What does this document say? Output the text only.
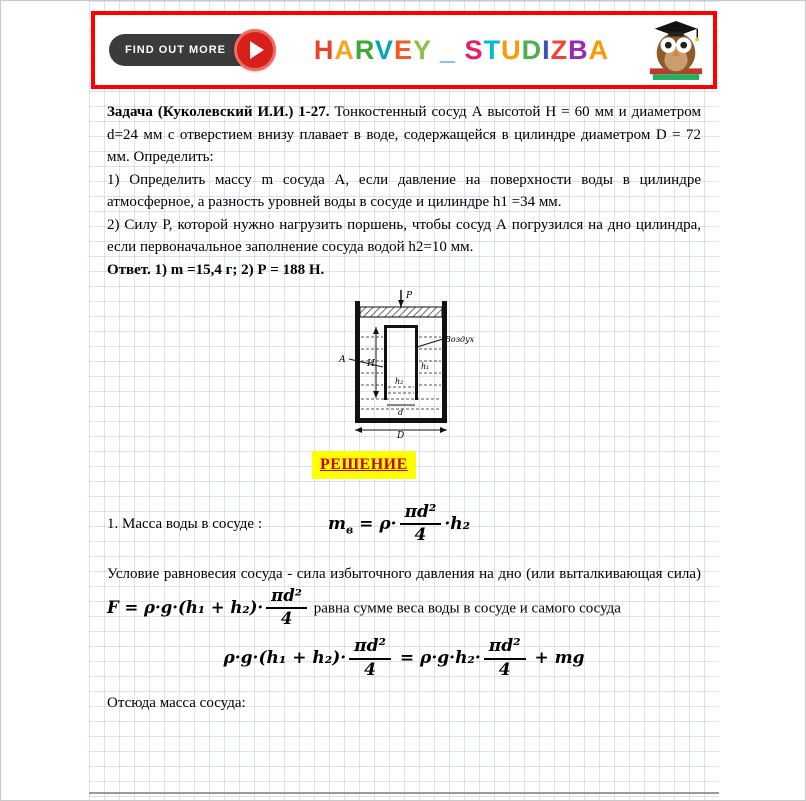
FIND OUT MORE	HARVEY _ STUDIZBA

Задача (Куколевский И.И.) 1-27. Тонкостенный сосуд А высотой H = 60 мм и диаметром d=24 мм с отверстием внизу плавает в воде, содержащейся в цилиндре диаметром D = 72 мм. Определить:

1) Определить массу m сосуда А, если давление на поверхности воды в цилиндре атмосферное, а разность уровней воды в сосуде и цилиндре h1 =34 мм.

2) Силу Р, которой нужно нагрузить поршень, чтобы сосуд А погрузился на дно цилиндра, если первоначальное заполнение сосуда водой h2=10 мм.

Ответ. 1) m =15,4 г; 2) Р = 188 Н.

P
Воздух
А H	h₁
h₂
d
D
РЕШЕНИЕ
1. Масса воды в сосуде :	$m_в = \rho\cdot \frac{\text{πd²}}{4} \cdot h_2$

Условие равновесия сосуда - сила избыточного давления на дно (или выталкивающая сила) $F = \rho\cdot g\cdot(h_1 + h_2)\cdot \frac{\text{πd²}}{4}$ равна сумме веса воды в сосуде и самого сосуда

$\rho\cdot g\cdot(h_1 + h_2)\cdot \frac{\text{πd²}}{4} = \rho\cdot g\cdot h_2\cdot \frac{\text{πd²}}{4}$ + mg

Отсюда масса сосуда:
